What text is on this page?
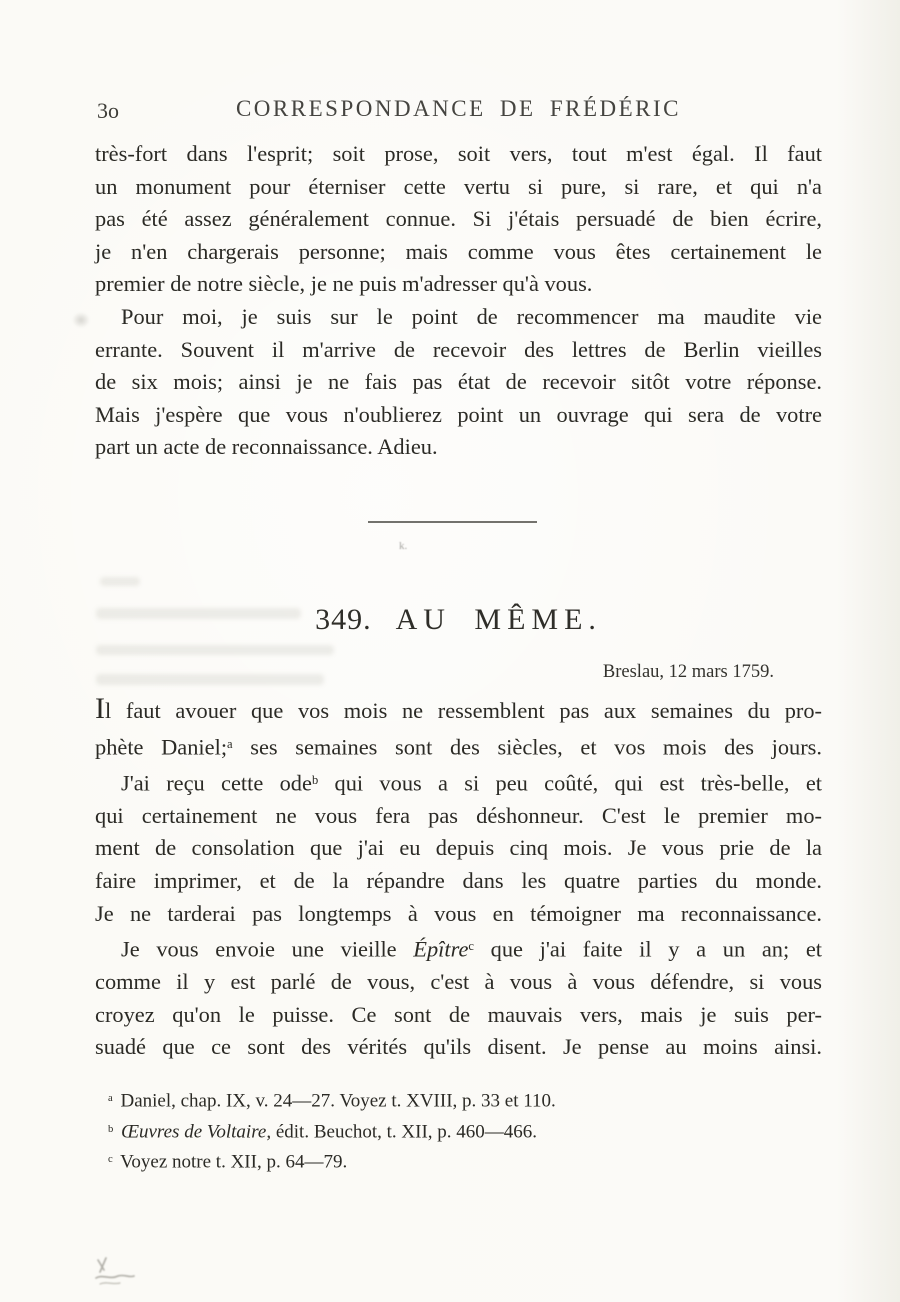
3o	CORRESPONDANCE DE FRÉDÉRIC
très-fort dans l'esprit; soit prose, soit vers, tout m'est égal. Il faut
un monument pour éterniser cette vertu si pure, si rare, et qui n'a
pas été assez généralement connue. Si j'étais persuadé de bien écrire,
je n'en chargerais personne; mais comme vous êtes certainement le
premier de notre siècle, je ne puis m'adresser qu'à vous.
Pour moi, je suis sur le point de recommencer ma maudite vie
errante. Souvent il m'arrive de recevoir des lettres de Berlin vieilles
de six mois; ainsi je ne fais pas état de recevoir sitôt votre réponse.
Mais j'espère que vous n'oublierez point un ouvrage qui sera de votre
part un acte de reconnaissance. Adieu.
k.
349. AU MÊME.
Breslau, 12 mars 1759.
Il faut avouer que vos mois ne ressemblent pas aux semaines du pro-
phète Daniel;$^a$ ses semaines sont des siècles, et vos mois des jours.
J'ai reçu cette ode$^b$ qui vous a si peu coûté, qui est très-belle, et
qui certainement ne vous fera pas déshonneur. C'est le premier mo-
ment de consolation que j'ai eu depuis cinq mois. Je vous prie de la
faire imprimer, et de la répandre dans les quatre parties du monde.
Je ne tarderai pas longtemps à vous en témoigner ma reconnaissance.
Je vous envoie une vieille Épître$^c$ que j'ai faite il y a un an; et
comme il y est parlé de vous, c'est à vous à vous défendre, si vous
croyez qu'on le puisse. Ce sont de mauvais vers, mais je suis per-
suadé que ce sont des vérités qu'ils disent. Je pense au moins ainsi.
$^a$ Daniel, chap. IX, v. 24—27. Voyez t. XVIII, p. 33 et 110.
$^b$ Œuvres de Voltaire, édit. Beuchot, t. XII, p. 460—466.
$^c$ Voyez notre t. XII, p. 64—79.
